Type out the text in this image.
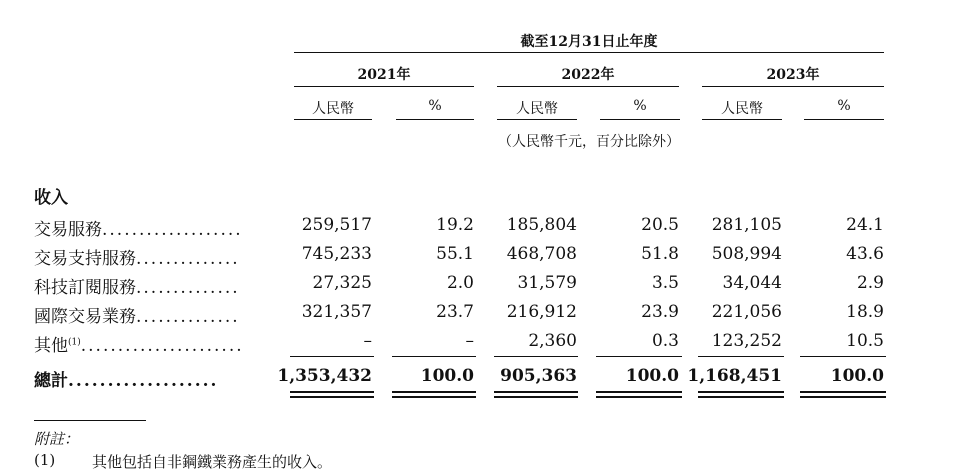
截至12月31日止年度
2021年	2022年	2023年
人民幣	%	人民幣	%	人民幣	%
（人民幣千元，百分比除外）
收入
交易服務...................	259,517	19.2 185,804	20.5 281,105	24.1
交易支持服務..............	745,233	55.1 468,708	51.8 508,994	43.6
科技訂閱服務..............	27,325	2.0	31,579	3.5	34,044	2.9
國際交易業務..............	321,357	23.7 216,912	23.9 221,056	18.9
其他$^{(1)}$......................	–	–	2,360	0.3 123,252	10.5
總計...................	1,353,432	100.0 905,363	100.0 1,168,451	100.0
附註：
(1) 其他包括自非鋼鐵業務產生的收入。
